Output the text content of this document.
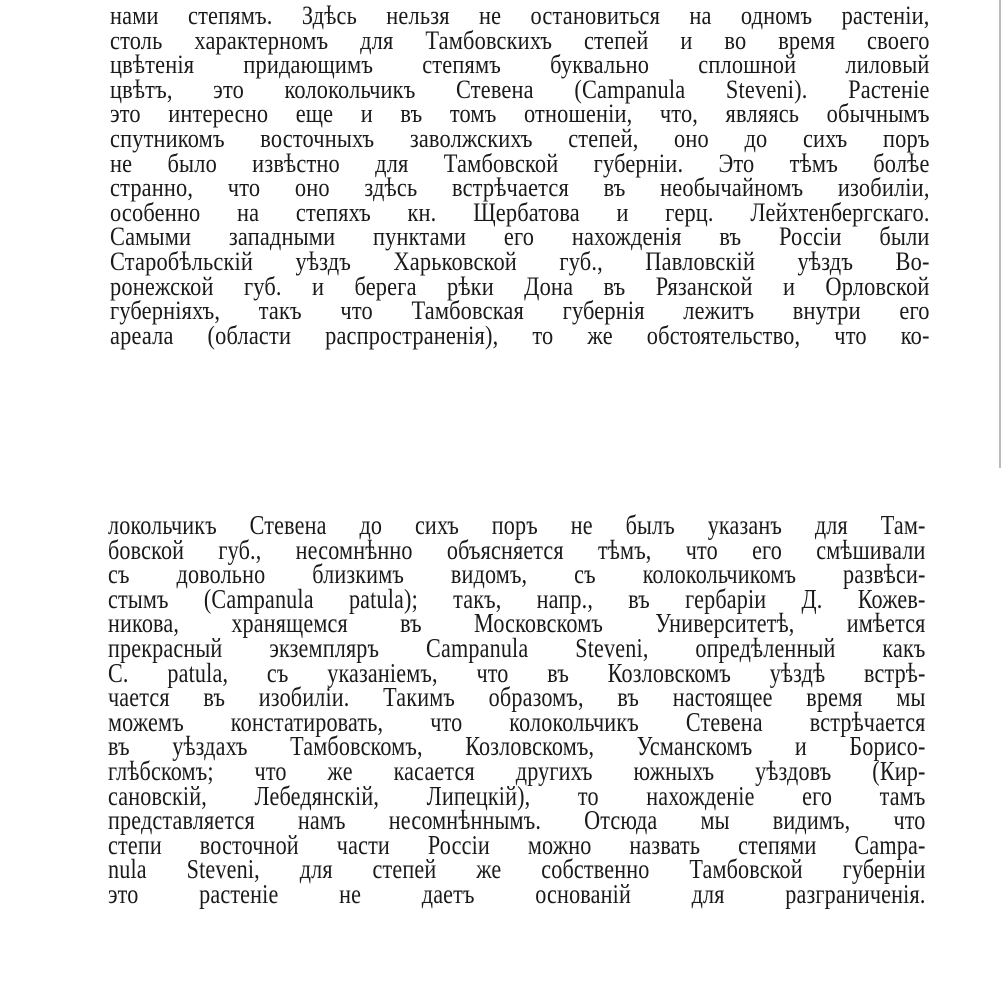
нами степямъ. Здѣсь нельзя не остановиться на одномъ растенiи,
столь характерномъ для Тамбовскихъ степей и во время своего
цвѣтенiя придающимъ степямъ буквально сплошной лиловый
цвѣтъ, это колокольчикъ Стевена (Campanula Steveni). Растенiе
это интересно еще и въ томъ отношенiи, что, являясь обычнымъ
спутникомъ восточныхъ заволжскихъ степей, оно до сихъ поръ
не было извѣстно для Тамбовской губернiи. Это тѣмъ болѣе
странно, что оно здѣсь встрѣчается въ необычайномъ изобилiи,
особенно на степяхъ кн. Щербатова и герц. Лейхтенбергскаго.
Самыми западными пунктами его нахожденiя въ Россiи были
Старобѣльскiй уѣздъ Харьковской губ., Павловскiй уѣздъ Во-
ронежской губ. и берега рѣки Дона въ Рязанской и Орловской
губернiяхъ, такъ что Тамбовская губернiя лежитъ внутри его
ареала (области распространенiя), то же обстоятельство, что ко-
локольчикъ Стевена до сихъ поръ не былъ указанъ для Там-
бовской губ., несомнѣнно объясняется тѣмъ, что его смѣшивали
съ довольно близкимъ видомъ, съ колокольчикомъ развѣси-
стымъ (Campanula patula); такъ, напр., въ гербарiи Д. Кожев-
никова, хранящемся въ Московскомъ Университетѣ, имѣется
прекрасный экземпляръ Campanula Steveni, опредѣленный какъ
C. patula, съ указанiемъ, что въ Козловскомъ уѣздѣ встрѣ-
чается въ изобилiи. Такимъ образомъ, въ настоящее время мы
можемъ констатировать, что колокольчикъ Стевена встрѣчается
въ уѣздахъ Тамбовскомъ, Козловскомъ, Усманскомъ и Борисо-
глѣбскомъ; что же касается другихъ южныхъ уѣздовъ (Кир-
сановскiй, Лебедянскiй, Липецкiй), то нахожденiе его тамъ
представляется намъ несомнѣннымъ. Отсюда мы видимъ, что
степи восточной части Россiи можно назвать степями Campa-
nula Steveni, для степей же собственно Тамбовской губернiи
это растенiе не даетъ основанiй для разграниченiя.
